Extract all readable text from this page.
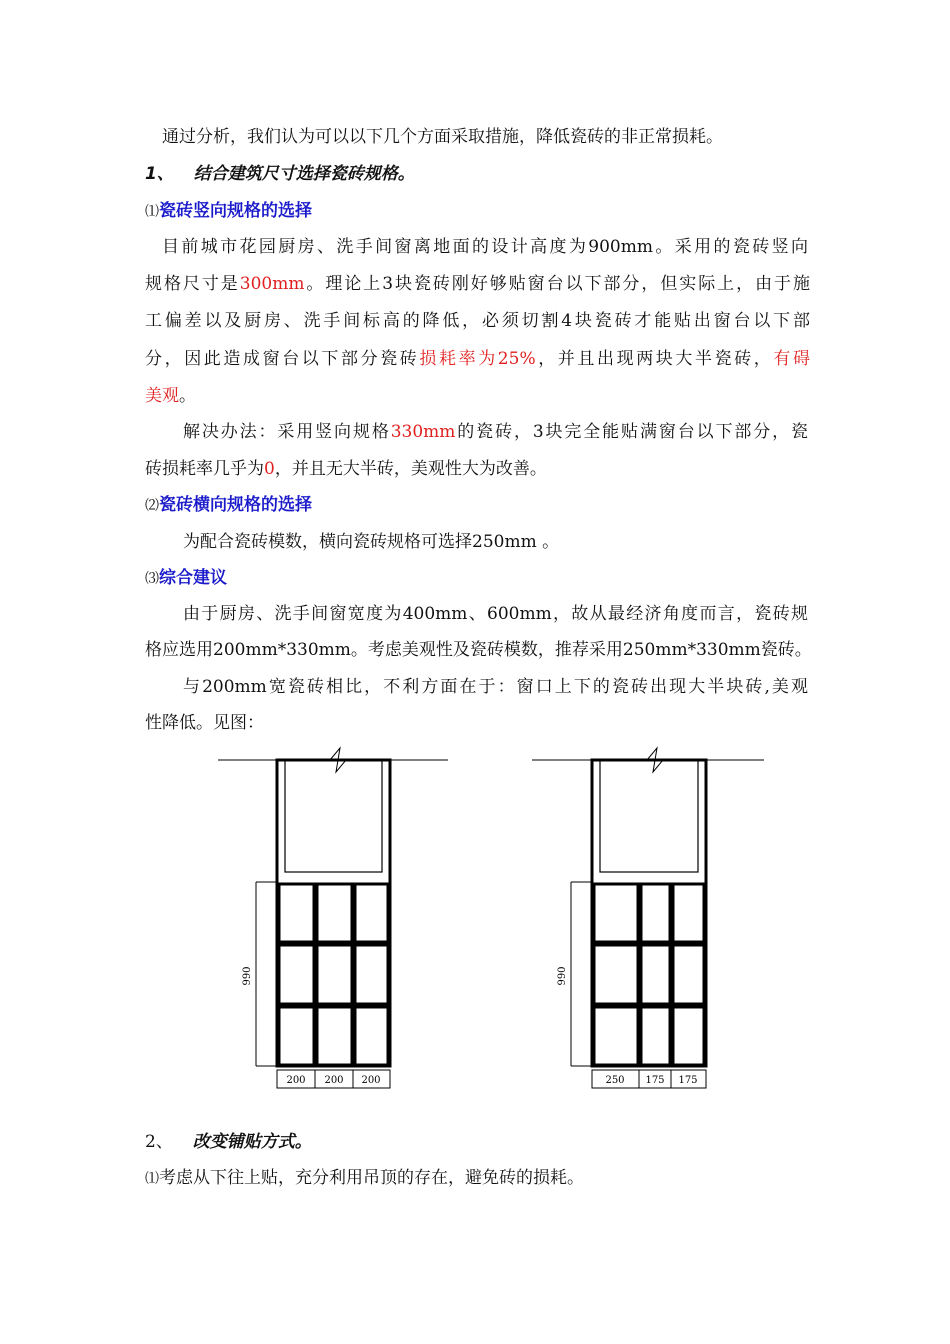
通过分析，我们认为可以以下几个方面采取措施，降低瓷砖的非正常损耗。
1、 结合建筑尺寸选择瓷砖规格。
⑴瓷砖竖向规格的选择
目前城市花园厨房、洗手间窗离地面的设计高度为900mm。采用的瓷砖竖向
规格尺寸是300mm。理论上3块瓷砖刚好够贴窗台以下部分，但实际上，由于施
工偏差以及厨房、洗手间标高的降低，必须切割4块瓷砖才能贴出窗台以下部
分，因此造成窗台以下部分瓷砖损耗率为25%，并且出现两块大半瓷砖，有碍
美观。
解决办法：采用竖向规格330mm的瓷砖，3块完全能贴满窗台以下部分，瓷
砖损耗率几乎为0，并且无大半砖，美观性大为改善。
⑵瓷砖横向规格的选择
为配合瓷砖模数，横向瓷砖规格可选择250mm 。
⑶综合建议
由于厨房、洗手间窗宽度为400mm、600mm，故从最经济角度而言，瓷砖规
格应选用200mm*330mm。考虑美观性及瓷砖模数，推荐采用250mm*330mm瓷砖。
与200mm宽瓷砖相比，不利方面在于：窗口上下的瓷砖出现大半块砖,美观
性降低。见图：
990
200 200 200
990
250 175 175
2、 改变铺贴方式。
⑴考虑从下往上贴，充分利用吊顶的存在，避免砖的损耗。
